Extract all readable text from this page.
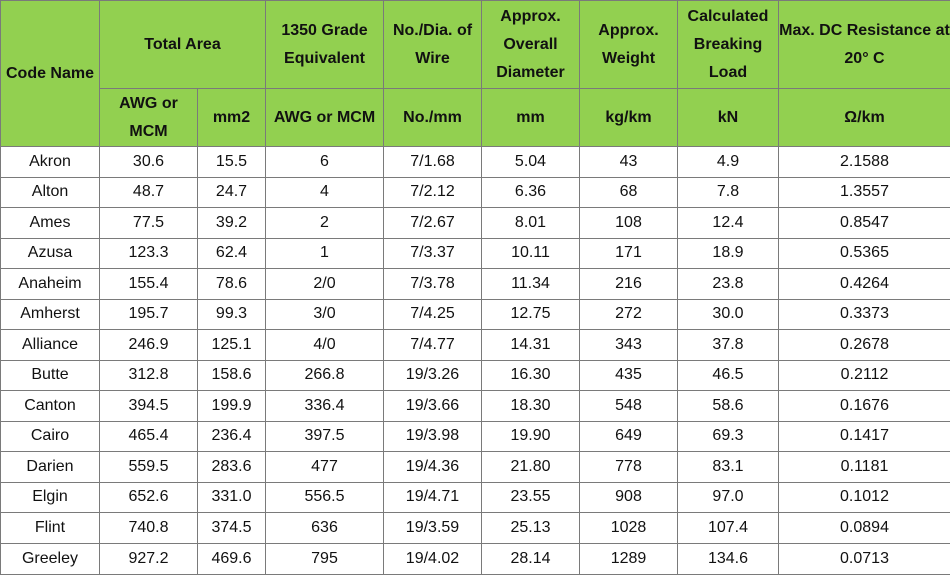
Code Name	Total Area		1350 Grade Equivalent	No./Dia. of Wire	Approx. Overall Diameter	Approx. Weight	Calculated Breaking Load	Max. DC Resistance at 20° C
	AWG or MCM	mm2	AWG or MCM	No./mm	mm	kg/km	kN	Ω/km
Akron	30.6	15.5	6	7/1.68	5.04	43	4.9	2.1588
Alton	48.7	24.7	4	7/2.12	6.36	68	7.8	1.3557
Ames	77.5	39.2	2	7/2.67	8.01	108	12.4	0.8547
Azusa	123.3	62.4	1	7/3.37	10.11	171	18.9	0.5365
Anaheim	155.4	78.6	2/0	7/3.78	11.34	216	23.8	0.4264
Amherst	195.7	99.3	3/0	7/4.25	12.75	272	30.0	0.3373
Alliance	246.9	125.1	4/0	7/4.77	14.31	343	37.8	0.2678
Butte	312.8	158.6	266.8	19/3.26	16.30	435	46.5	0.2112
Canton	394.5	199.9	336.4	19/3.66	18.30	548	58.6	0.1676
Cairo	465.4	236.4	397.5	19/3.98	19.90	649	69.3	0.1417
Darien	559.5	283.6	477	19/4.36	21.80	778	83.1	0.1181
Elgin	652.6	331.0	556.5	19/4.71	23.55	908	97.0	0.1012
Flint	740.8	374.5	636	19/3.59	25.13	1028	107.4	0.0894
Greeley	927.2	469.6	795	19/4.02	28.14	1289	134.6	0.0713
